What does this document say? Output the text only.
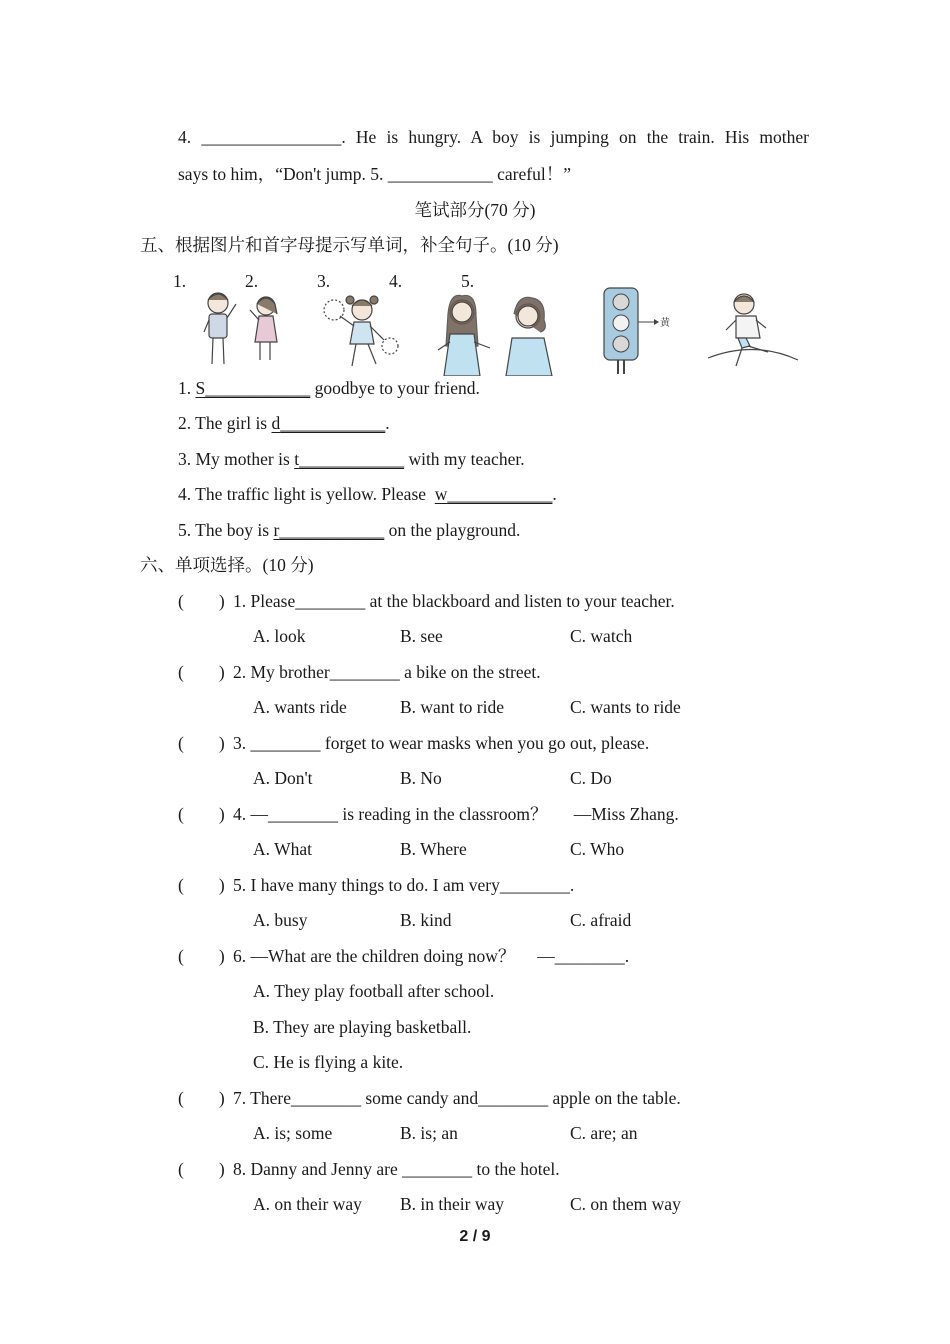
4. ________________. He is hungry. A boy is jumping on the train. His mother
says to him，“Don't jump. 5. ____________ careful！”
笔试部分(70 分)
五、根据图片和首字母提示写单词，补全句子。(10 分)
1.	2.	3.	4.	5.
黄
1. S____________ goodbye to your friend.
2. The girl is d____________.
3. My mother is t____________ with my teacher.
4. The traffic light is yellow. Please  w____________.
5. The boy is r____________ on the playground.
六、单项选择。(10 分)
(        ) 1. Please________ at the blackboard and listen to your teacher.
A. look	B. see	C. watch
(        ) 2. My brother________ a bike on the street.
A. wants ride	B. want to ride	C. wants to ride
(        ) 3. ________ forget to wear masks when you go out, please.
A. Don't	B. No	C. Do
(        ) 4. —________ is reading in the classroom？      —Miss Zhang.
A. What	B. Where	C. Who
(        ) 5. I have many things to do. I am very________.
A. busy	B. kind	C. afraid
(        ) 6. —What are the children doing now？     —________.
A. They play football after school.
B. They are playing basketball.
C. He is flying a kite.
(        ) 7. There________ some candy and________ apple on the table.
A. is; some	B. is; an	C. are; an
(        ) 8. Danny and Jenny are ________ to the hotel.
A. on their way B. in their way	C. on them way
2 / 9
